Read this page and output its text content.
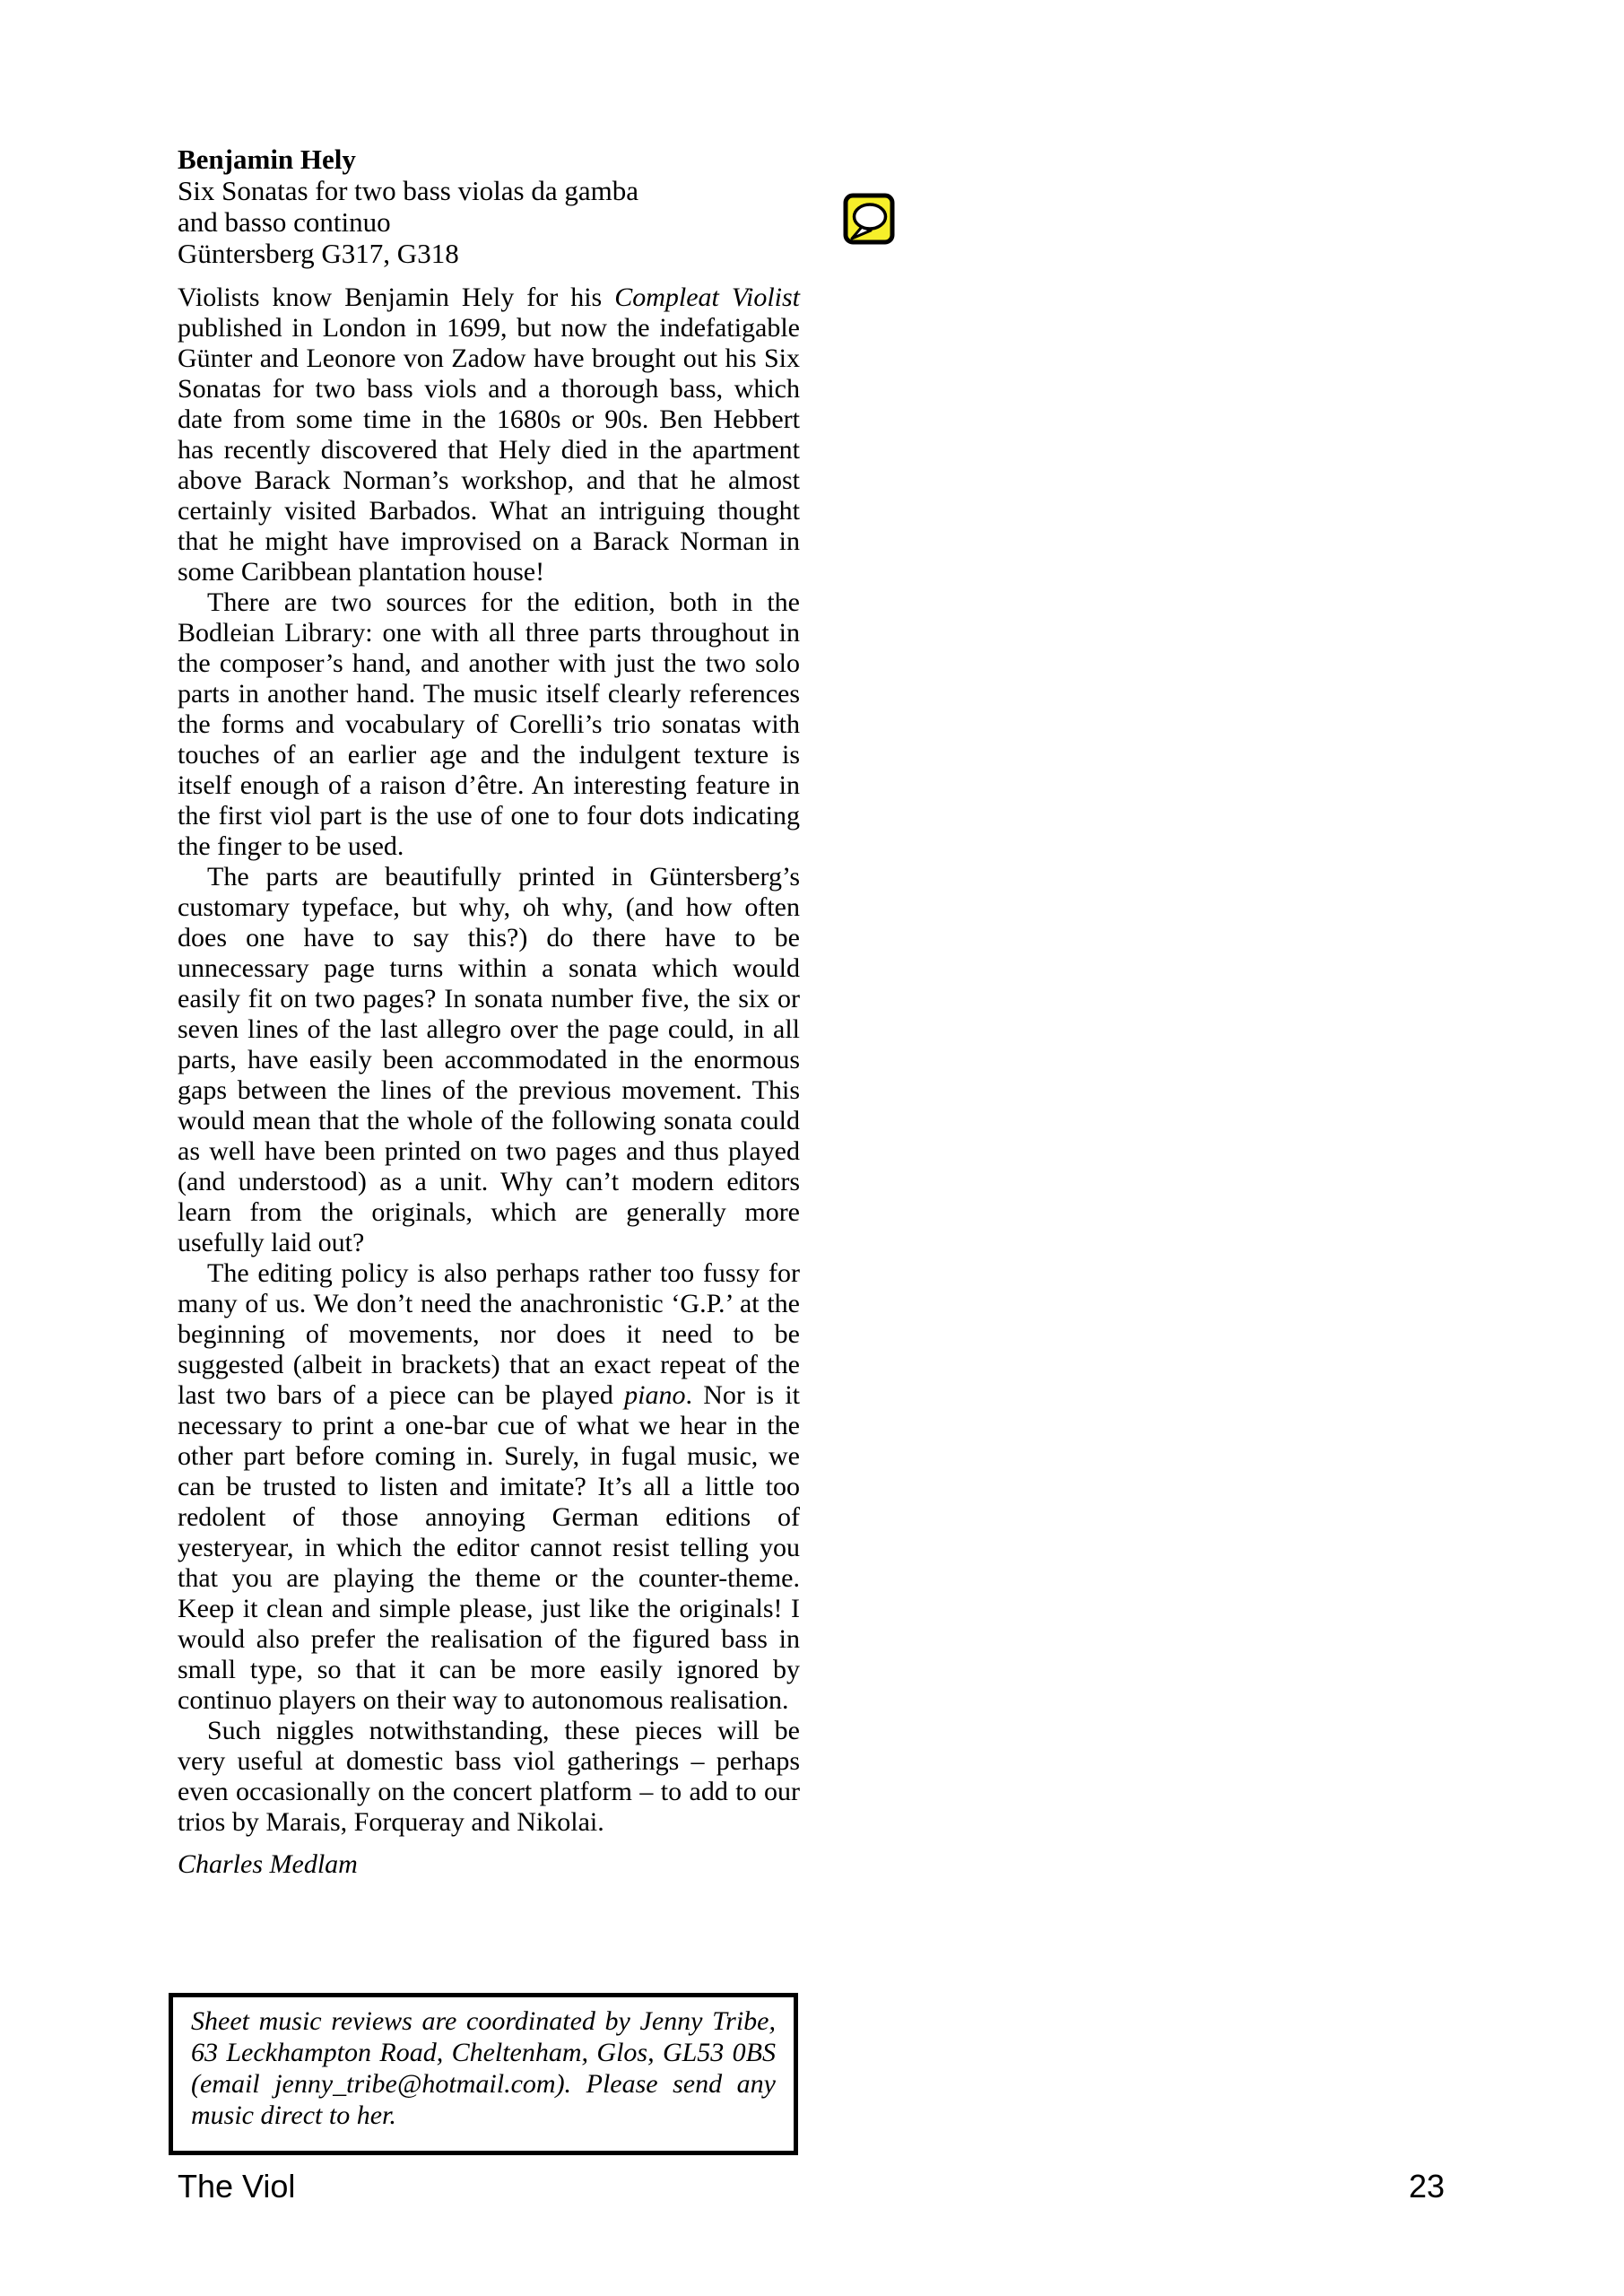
Benjamin Hely
Six Sonatas for two bass violas da gamba
and basso continuo
Güntersberg G317, G318

Violists know Benjamin Hely for his Compleat Violist published in London in 1699, but now the indefatigable Günter and Leonore von Zadow have brought out his Six Sonatas for two bass viols and a thorough bass, which date from some time in the 1680s or 90s. Ben Hebbert has recently discovered that Hely died in the apartment above Barack Norman’s workshop, and that he almost certainly visited Barbados. What an intriguing thought that he might have improvised on a Barack Norman in some Caribbean plantation house!

There are two sources for the edition, both in the Bodleian Library: one with all three parts throughout in the composer’s hand, and another with just the two solo parts in another hand. The music itself clearly references the forms and vocabulary of Corelli’s trio sonatas with touches of an earlier age and the indulgent texture is itself enough of a raison d’être. An interesting feature in the first viol part is the use of one to four dots indicating the finger to be used.

The parts are beautifully printed in Güntersberg’s customary typeface, but why, oh why, (and how often does one have to say this?) do there have to be unnecessary page turns within a sonata which would easily fit on two pages? In sonata number five, the six or seven lines of the last allegro over the page could, in all parts, have easily been accommodated in the enormous gaps between the lines of the previous movement. This would mean that the whole of the following sonata could as well have been printed on two pages and thus played (and understood) as a unit. Why can’t modern editors learn from the originals, which are generally more usefully laid out?

The editing policy is also perhaps rather too fussy for many of us. We don’t need the anachronistic ‘G.P.’ at the beginning of movements, nor does it need to be suggested (albeit in brackets) that an exact repeat of the last two bars of a piece can be played piano. Nor is it necessary to print a one-bar cue of what we hear in the other part before coming in. Surely, in fugal music, we can be trusted to listen and imitate? It’s all a little too redolent of those annoying German editions of yesteryear, in which the editor cannot resist telling you that you are playing the theme or the counter-theme. Keep it clean and simple please, just like the originals! I would also prefer the realisation of the figured bass in small type, so that it can be more easily ignored by continuo players on their way to autonomous realisation.

Such niggles notwithstanding, these pieces will be very useful at domestic bass viol gatherings – perhaps even occasionally on the concert platform – to add to our trios by Marais, Forqueray and Nikolai.

Charles Medlam

Sheet music reviews are coordinated by Jenny Tribe, 63 Leckhampton Road, Cheltenham, Glos, GL53 0BS (email jenny_tribe@hotmail.com). Please send any music direct to her.

The Viol	23
